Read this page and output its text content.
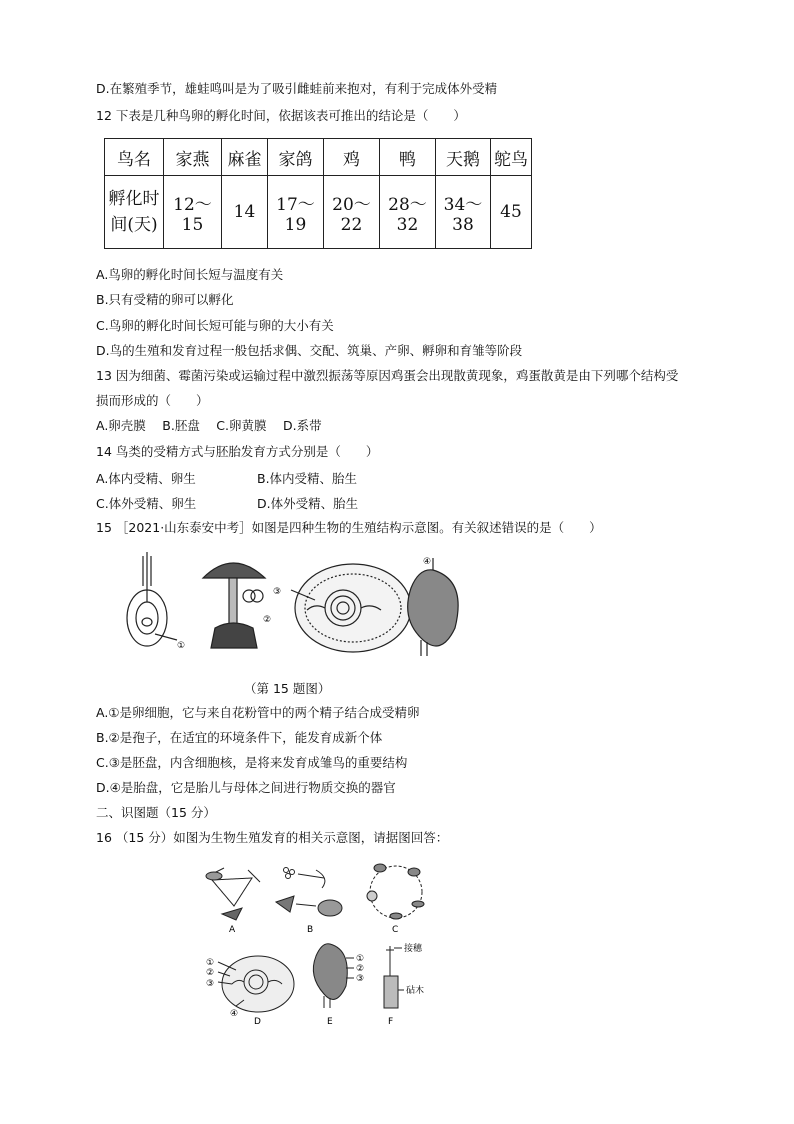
D.在繁殖季节，雄蛙鸣叫是为了吸引雌蛙前来抱对，有利于完成体外受精
12 下表是几种鸟卵的孵化时间，依据该表可推出的结论是（　　）
鸟名	家燕	麻雀	家鸽	鸡	鸭	天鹅	鸵鸟

孵化时
间(天)	12～15	14	17～19	20～22	28～32	34～38	45
A.鸟卵的孵化时间长短与温度有关
B.只有受精的卵可以孵化
C.鸟卵的孵化时间长短可能与卵的大小有关
D.鸟的生殖和发育过程一般包括求偶、交配、筑巢、产卵、孵卵和育雏等阶段
13 因为细菌、霉菌污染或运输过程中激烈振荡等原因鸡蛋会出现散黄现象，鸡蛋散黄是由下列哪个结构受
损而形成的（　　）
A.卵壳膜　 B.胚盘　 C.卵黄膜　 D.系带
14 鸟类的受精方式与胚胎发育方式分别是（　　）
A.体内受精、卵生	B.体内受精、胎生
C.体外受精、卵生	D.体外受精、胎生
15 ［2021·山东泰安中考］如图是四种生物的生殖结构示意图。有关叙述错误的是（　　）
①
②
③
④
（第 15 题图）
A.①是卵细胞，它与来自花粉管中的两个精子结合成受精卵
B.②是孢子，在适宜的环境条件下，能发育成新个体
C.③是胚盘，内含细胞核，是将来发育成雏鸟的重要结构
D.④是胎盘，它是胎儿与母体之间进行物质交换的器官
二、识图题（15 分）
16 （15 分）如图为生物生殖发育的相关示意图，请据图回答：
A	B	C
①
②
③
④
D
①
②
③
E
接穗
砧木
F
